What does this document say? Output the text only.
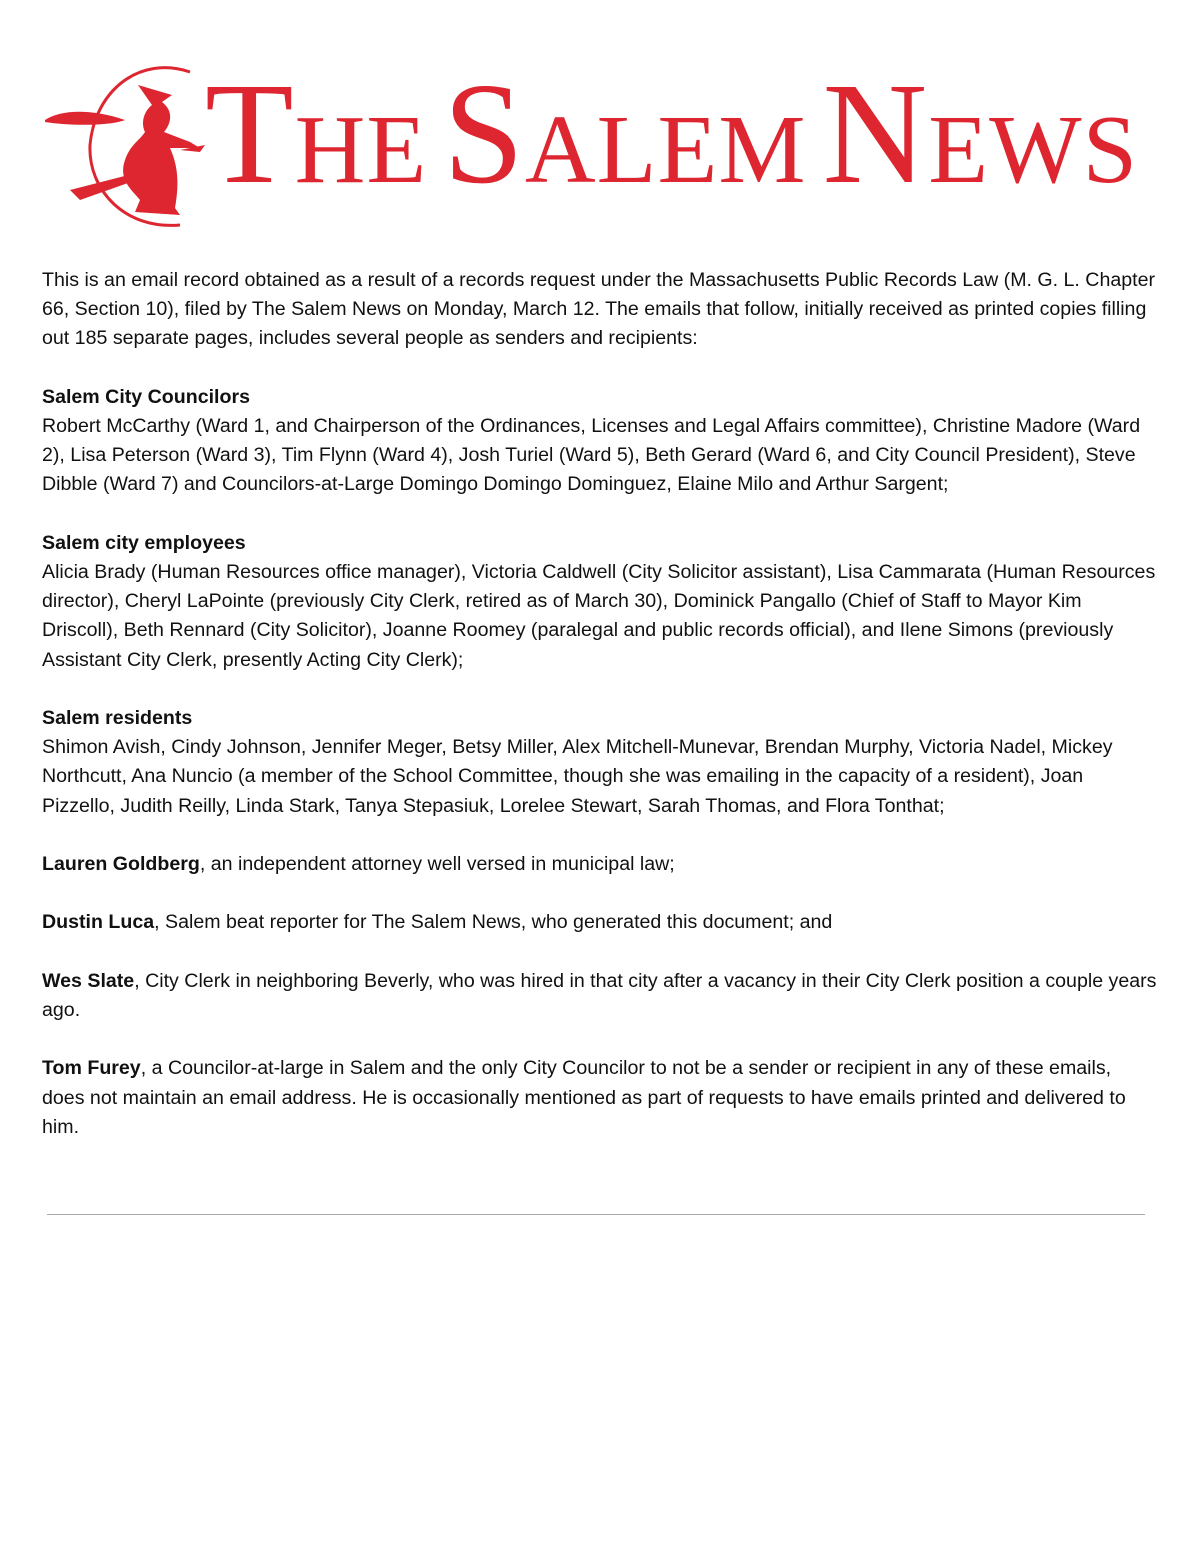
THE SALEM NEWS

This is an email record obtained as a result of a records request under the Massachusetts Public Records Law (M. G. L. Chapter 66, Section 10), filed by The Salem News on Monday, March 12. The emails that follow, initially received as printed copies filling out 185 separate pages, includes several people as senders and recipients:

Salem City Councilors
Robert McCarthy (Ward 1, and Chairperson of the Ordinances, Licenses and Legal Affairs committee), Christine Madore (Ward 2), Lisa Peterson (Ward 3), Tim Flynn (Ward 4), Josh Turiel (Ward 5), Beth Gerard (Ward 6, and City Council President), Steve Dibble (Ward 7) and Councilors-at-Large Domingo Domingo Dominguez, Elaine Milo and Arthur Sargent;

Salem city employees
Alicia Brady (Human Resources office manager), Victoria Caldwell (City Solicitor assistant), Lisa Cammarata (Human Resources director), Cheryl LaPointe (previously City Clerk, retired as of March 30), Dominick Pangallo (Chief of Staff to Mayor Kim Driscoll), Beth Rennard (City Solicitor), Joanne Roomey (paralegal and public records official), and Ilene Simons (previously Assistant City Clerk, presently Acting City Clerk);

Salem residents
Shimon Avish, Cindy Johnson, Jennifer Meger, Betsy Miller, Alex Mitchell-Munevar, Brendan Murphy, Victoria Nadel, Mickey Northcutt, Ana Nuncio (a member of the School Committee, though she was emailing in the capacity of a resident), Joan Pizzello, Judith Reilly, Linda Stark, Tanya Stepasiuk, Lorelee Stewart, Sarah Thomas, and Flora Tonthat;

Lauren Goldberg, an independent attorney well versed in municipal law;

Dustin Luca, Salem beat reporter for The Salem News, who generated this document; and

Wes Slate, City Clerk in neighboring Beverly, who was hired in that city after a vacancy in their City Clerk position a couple years ago.

Tom Furey, a Councilor-at-large in Salem and the only City Councilor to not be a sender or recipient in any of these emails, does not maintain an email address. He is occasionally mentioned as part of requests to have emails printed and delivered to him.
